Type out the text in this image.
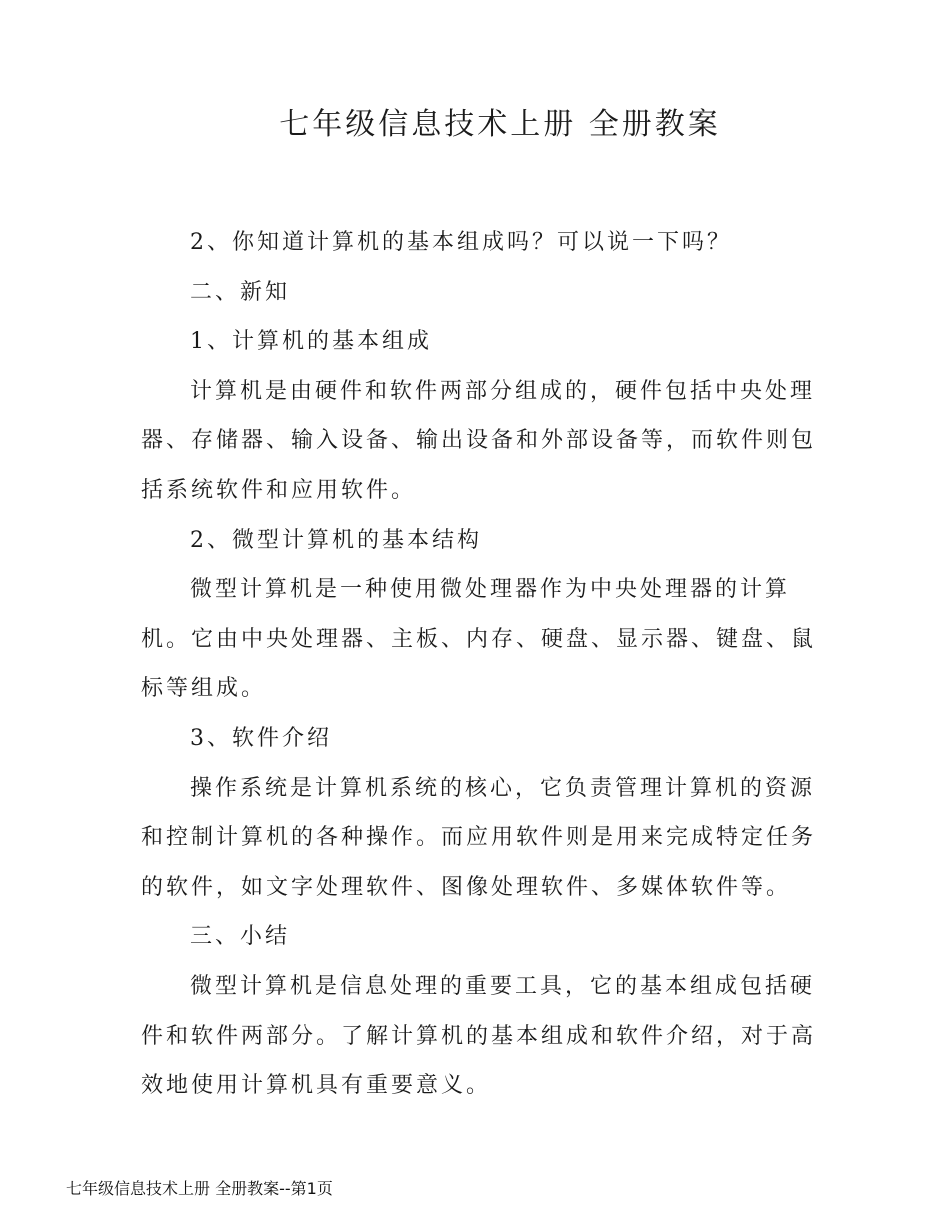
七年级信息技术上册 全册教案

2、你知道计算机的基本组成吗？可以说一下吗？

二、新知

1、计算机的基本组成

计算机是由硬件和软件两部分组成的，硬件包括中央处理器、存储器、输入设备、输出设备和外部设备等，而软件则包括系统软件和应用软件。

2、微型计算机的基本结构

微型计算机是一种使用微处理器作为中央处理器的计算机。它由中央处理器、主板、内存、硬盘、显示器、键盘、鼠标等组成。

3、软件介绍

操作系统是计算机系统的核心，它负责管理计算机的资源和控制计算机的各种操作。而应用软件则是用来完成特定任务的软件，如文字处理软件、图像处理软件、多媒体软件等。

三、小结

微型计算机是信息处理的重要工具，它的基本组成包括硬件和软件两部分。了解计算机的基本组成和软件介绍，对于高效地使用计算机具有重要意义。

七年级信息技术上册 全册教案--第1页
